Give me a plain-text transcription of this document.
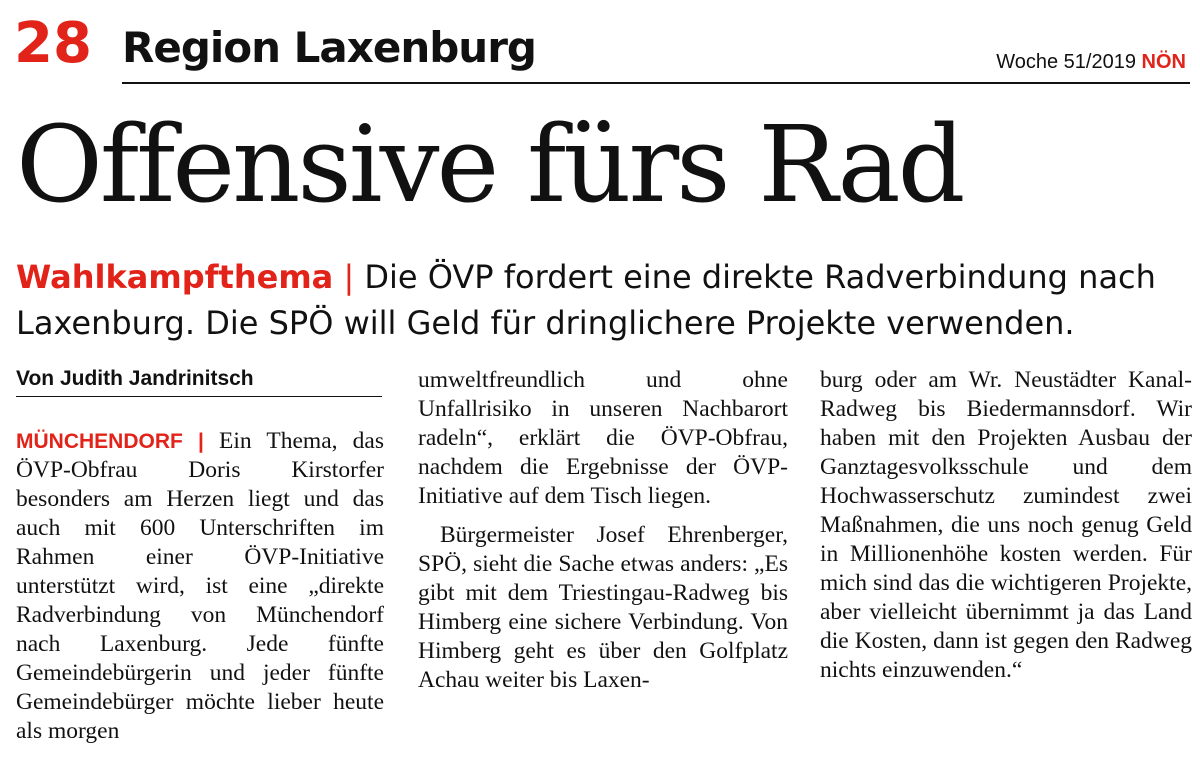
28 Region Laxenburg	Woche 51/2019 NÖN
Offensive fürs Rad

Wahlkampfthema | Die ÖVP fordert eine direkte Radverbindung nach Laxenburg. Die SPÖ will Geld für dringlichere Projekte verwenden.

Von Judith Jandrinitsch

MÜNCHENDORF | Ein Thema, das ÖVP-Obfrau Doris Kirstorfer besonders am Herzen liegt und das auch mit 600 Unterschriften im Rahmen einer ÖVP-Initiative unterstützt wird, ist eine „direkte Radverbindung von Münchendorf nach Laxenburg. Jede fünfte Gemeindebürgerin und jeder fünfte Gemeindebürger möchte lieber heute als morgen

umweltfreundlich und ohne Unfallrisiko in unseren Nachbarort radeln“, erklärt die ÖVP-Obfrau, nachdem die Ergebnisse der ÖVP-Initiative auf dem Tisch liegen.

Bürgermeister Josef Ehrenberger, SPÖ, sieht die Sache etwas anders: „Es gibt mit dem Triestingau-Radweg bis Himberg eine sichere Verbindung. Von Himberg geht es über den Golfplatz Achau weiter bis Laxen-

burg oder am Wr. Neustädter Kanal-Radweg bis Biedermannsdorf. Wir haben mit den Projekten Ausbau der Ganztagesvolksschule und dem Hochwasserschutz zumindest zwei Maßnahmen, die uns noch genug Geld in Millionenhöhe kosten werden. Für mich sind das die wichtigeren Projekte, aber vielleicht übernimmt ja das Land die Kosten, dann ist gegen den Radweg nichts einzuwenden.“
